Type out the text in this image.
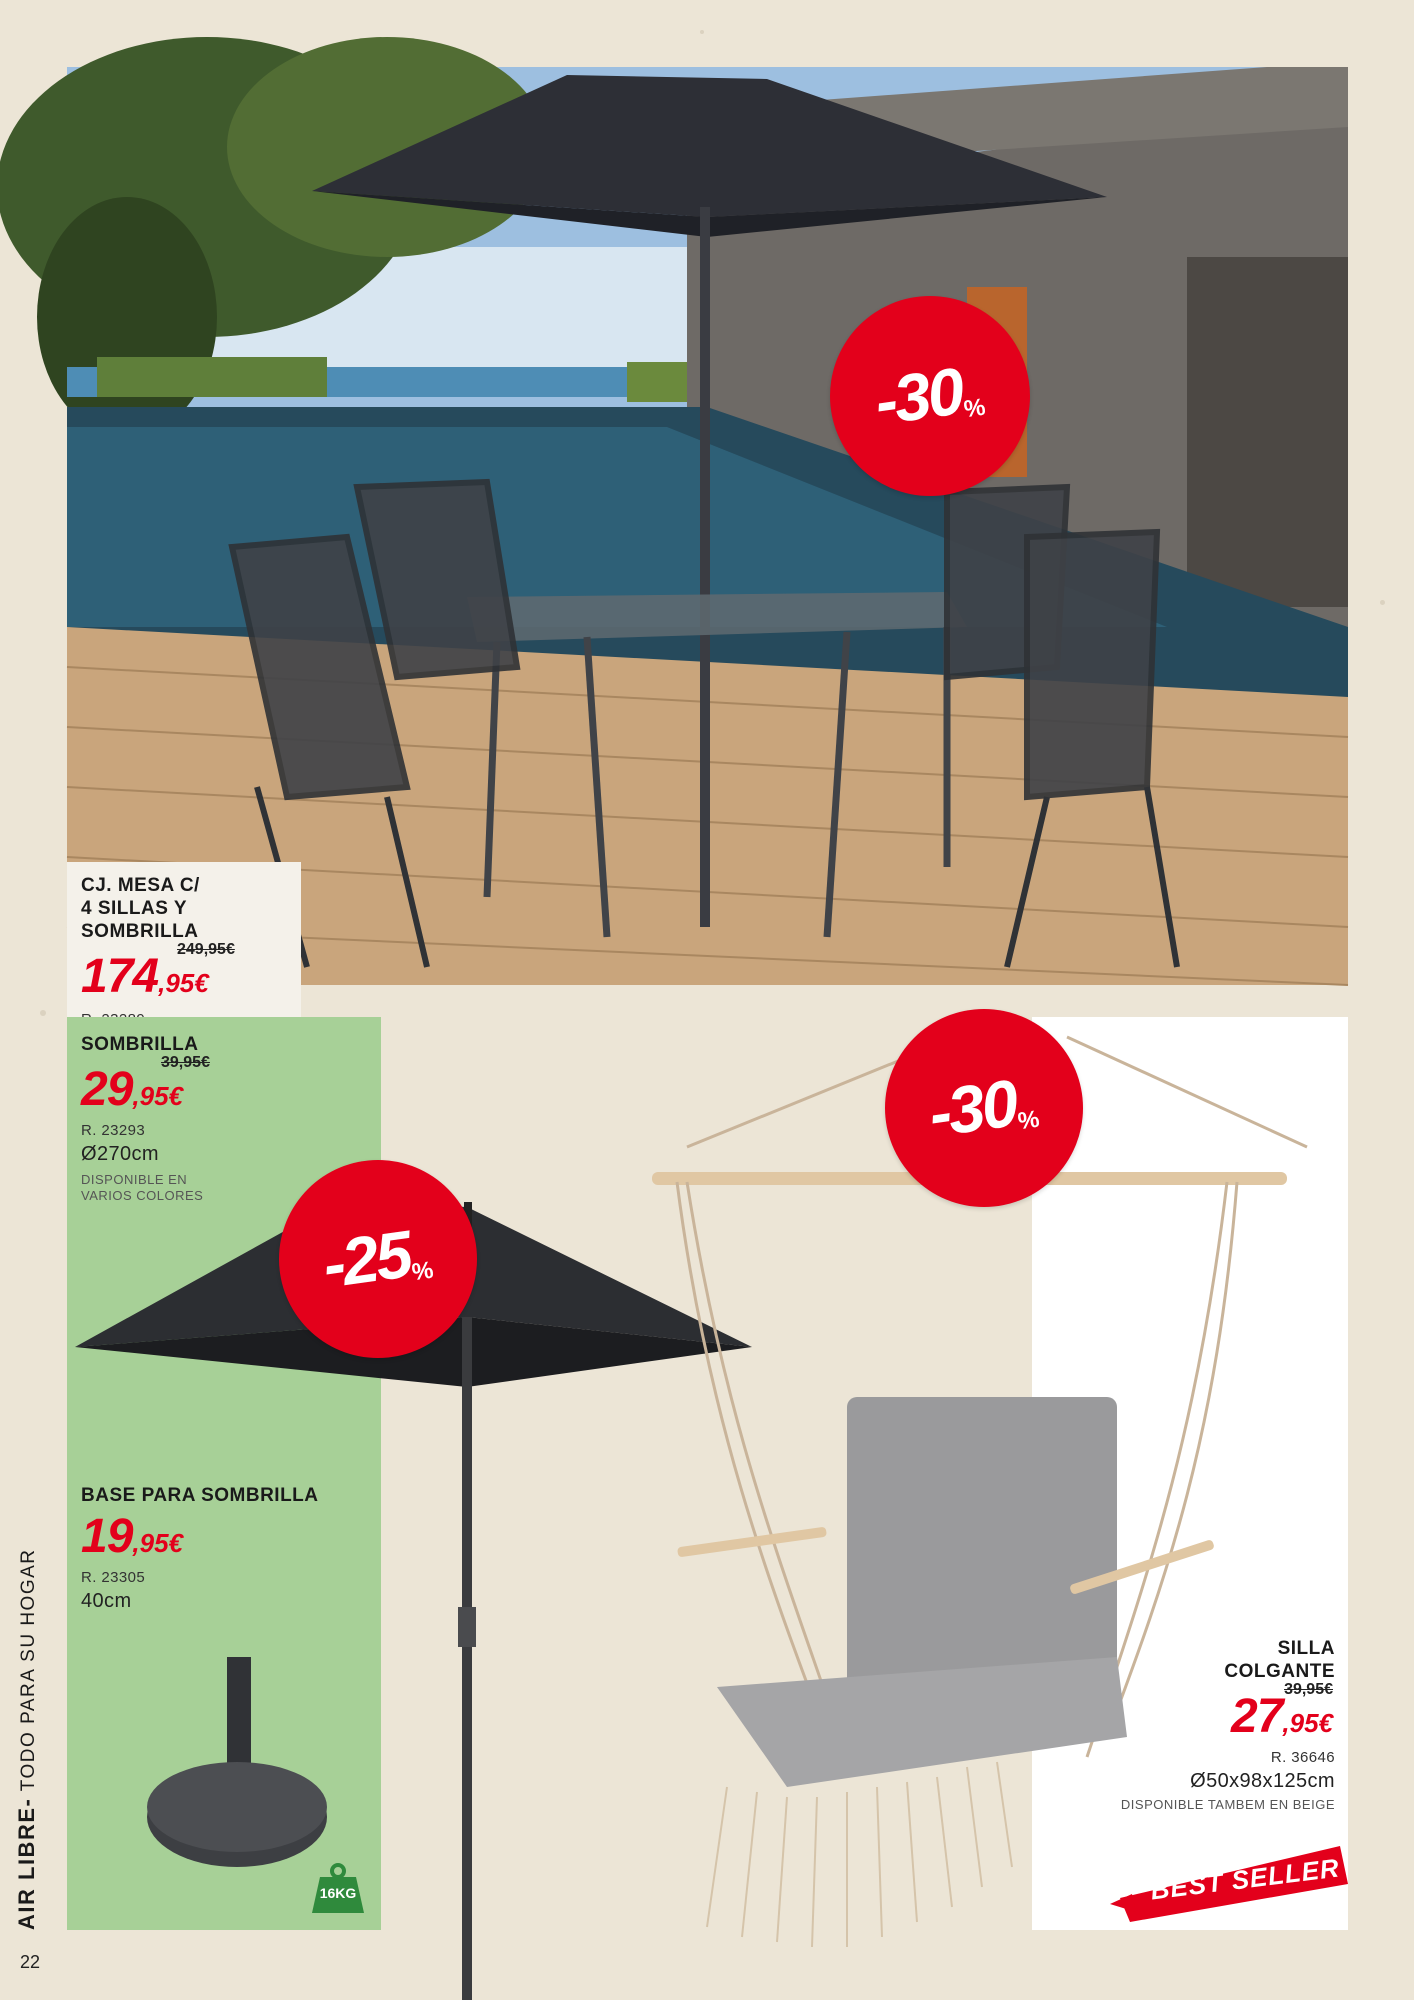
-30
%
CJ. MESA C/
4 SILLAS Y
SOMBRILLA
249,95€
174,95€
-25
%
-30
%
SOMBRILLA
39,95€
29,95€
R. 23293
Ø270cm
DISPONIBLE EN
VARIOS COLORES
BASE PARA SOMBRILLA
19,95€
R. 23305
40cm
16KG
SILLA
COLGANTE
39,95€
27,95€
R. 36646
Ø50x98x125cm
DISPONIBLE TAMBEM EN BEIGE
BEST SELLER
AIR LIBRE- TODO PARA SU HOGAR
22
